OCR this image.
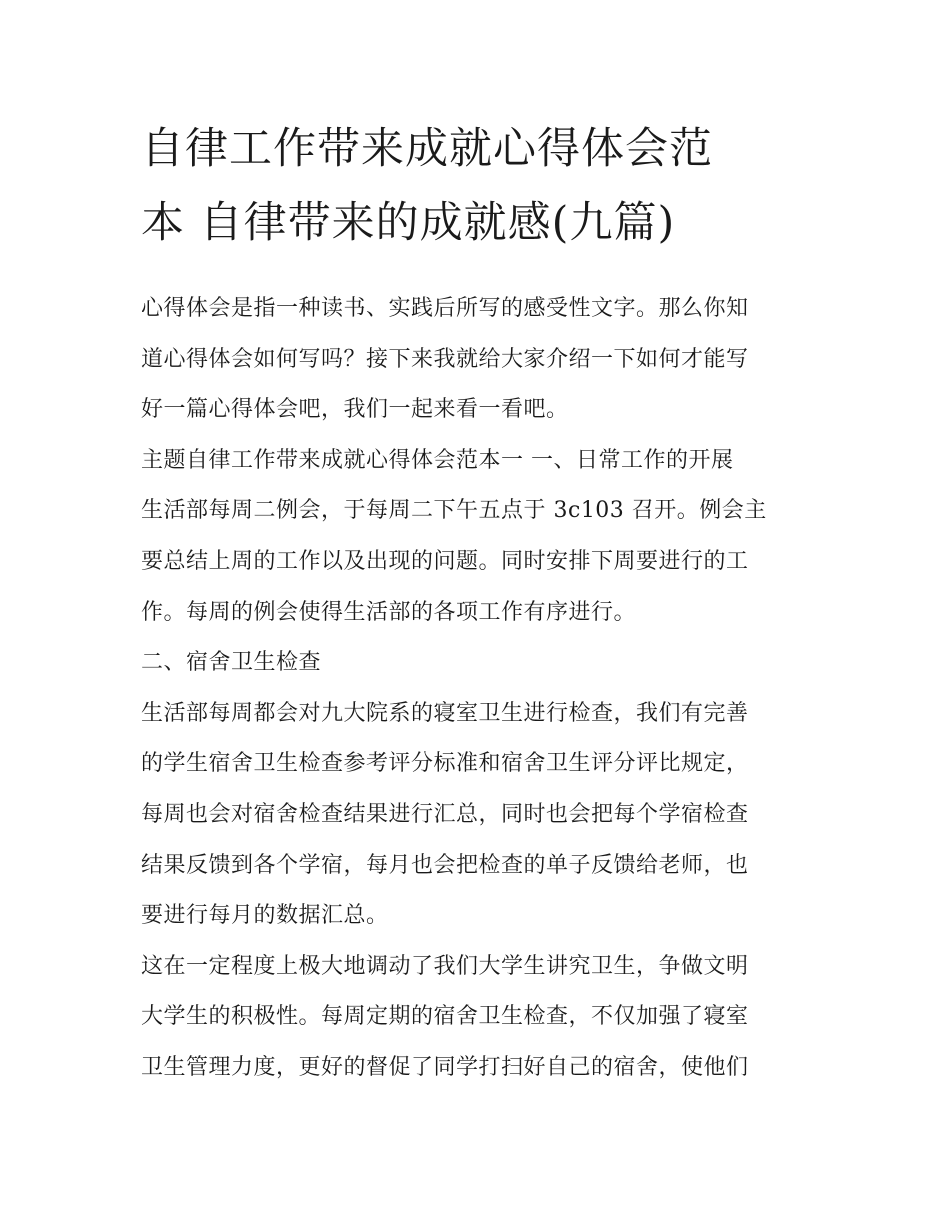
自律工作带来成就心得体会范
本 自律带来的成就感(九篇)
心得体会是指一种读书、实践后所写的感受性文字。那么你知
道心得体会如何写吗？接下来我就给大家介绍一下如何才能写
好一篇心得体会吧，我们一起来看一看吧。
主题自律工作带来成就心得体会范本一 一、日常工作的开展
生活部每周二例会，于每周二下午五点于 3c103 召开。例会主
要总结上周的工作以及出现的问题。同时安排下周要进行的工
作。每周的例会使得生活部的各项工作有序进行。
二、宿舍卫生检查
生活部每周都会对九大院系的寝室卫生进行检查，我们有完善
的学生宿舍卫生检查参考评分标准和宿舍卫生评分评比规定，
每周也会对宿舍检查结果进行汇总，同时也会把每个学宿检查
结果反馈到各个学宿，每月也会把检查的单子反馈给老师，也
要进行每月的数据汇总。
这在一定程度上极大地调动了我们大学生讲究卫生，争做文明
大学生的积极性。每周定期的宿舍卫生检查，不仅加强了寝室
卫生管理力度，更好的督促了同学打扫好自己的宿舍，使他们
